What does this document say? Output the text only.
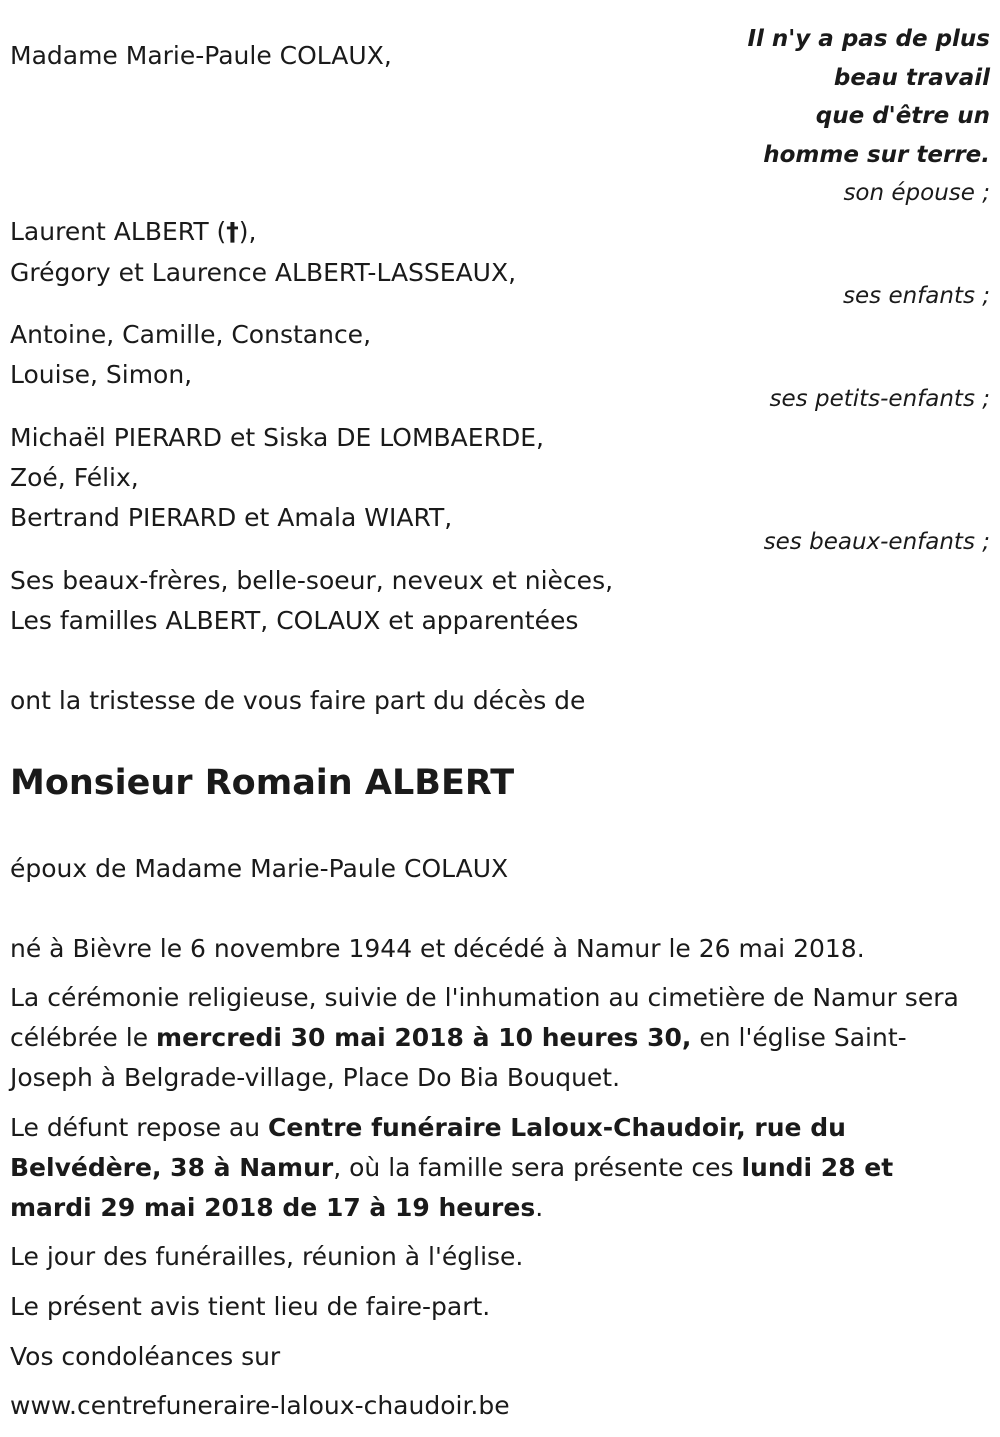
Il n'y a pas de plus
beau travail
que d'être un
homme sur terre.
Madame Marie-Paule COLAUX,
son épouse ;
Laurent ALBERT (†),
Grégory et Laurence ALBERT-LASSEAUX,
ses enfants ;
Antoine, Camille, Constance,
Louise, Simon,
ses petits-enfants ;
Michaël PIERARD et Siska DE LOMBAERDE,
Zoé, Félix,
Bertrand PIERARD et Amala WIART,
ses beaux-enfants ;
Ses beaux-frères, belle-soeur, neveux et nièces,
Les familles ALBERT, COLAUX et apparentées
ont la tristesse de vous faire part du décès de
Monsieur Romain ALBERT
époux de Madame Marie-Paule COLAUX
né à Bièvre le 6 novembre 1944 et décédé à Namur le 26 mai 2018.
La cérémonie religieuse, suivie de l'inhumation au cimetière de Namur sera célébrée le mercredi 30 mai 2018 à 10 heures 30, en l'église Saint-Joseph à Belgrade-village, Place Do Bia Bouquet.
Le défunt repose au Centre funéraire Laloux-Chaudoir, rue du Belvédère, 38 à Namur, où la famille sera présente ces lundi 28 et mardi 29 mai 2018 de 17 à 19 heures.
Le jour des funérailles, réunion à l'église.
Le présent avis tient lieu de faire-part.
Vos condoléances sur
www.centrefuneraire-laloux-chaudoir.be
